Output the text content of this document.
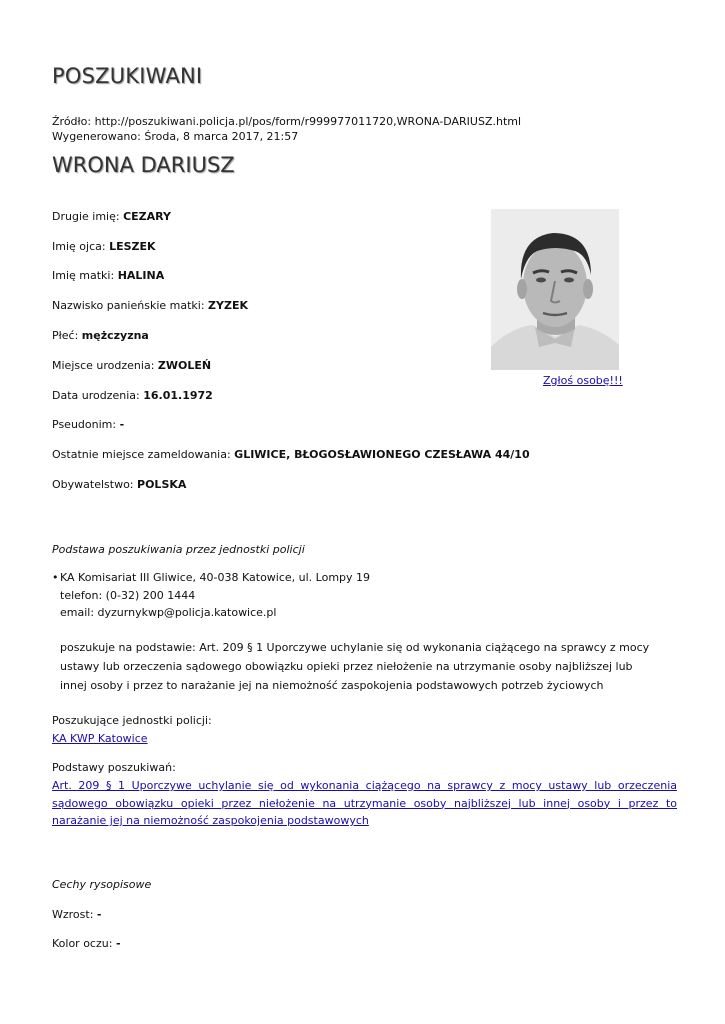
POSZUKIWANI
Źródło: http://poszukiwani.policja.pl/pos/form/r999977011720,WRONA-DARIUSZ.html
Wygenerowano: Środa, 8 marca 2017, 21:57
WRONA DARIUSZ
Drugie imię: CEZARY
Imię ojca: LESZEK
Imię matki: HALINA
Nazwisko panieńskie matki: ZYZEK
Płeć: mężczyzna
Miejsce urodzenia: ZWOLEŃ
Data urodzenia: 16.01.1972
Pseudonim: -
Ostatnie miejsce zameldowania: GLIWICE, BŁOGOSŁAWIONEGO CZESŁAWA 44/10
Obywatelstwo: POLSKA
Zgłoś osobę!!!
Podstawa poszukiwania przez jednostki policji
• KA Komisariat III Gliwice, 40-038 Katowice, ul. Lompy 19
telefon: (0-32) 200 1444
email: dyzurnykwp@policja.katowice.pl
poszukuje na podstawie: Art. 209 § 1 Uporczywe uchylanie się od wykonania ciążącego na sprawcy z mocy ustawy lub orzeczenia sądowego obowiązku opieki przez niełożenie na utrzymanie osoby najbliższej lub innej osoby i przez to narażanie jej na niemożność zaspokojenia podstawowych potrzeb życiowych
Poszukujące jednostki policji:
KA KWP Katowice
Podstawy poszukiwań:
Art. 209 § 1 Uporczywe uchylanie się od wykonania ciążącego na sprawcy z mocy ustawy lub orzeczenia sądowego obowiązku opieki przez niełożenie na utrzymanie osoby najbliższej lub innej osoby i przez to narażanie jej na niemożność zaspokojenia podstawowych
Cechy rysopisowe
Wzrost: -
Kolor oczu: -
